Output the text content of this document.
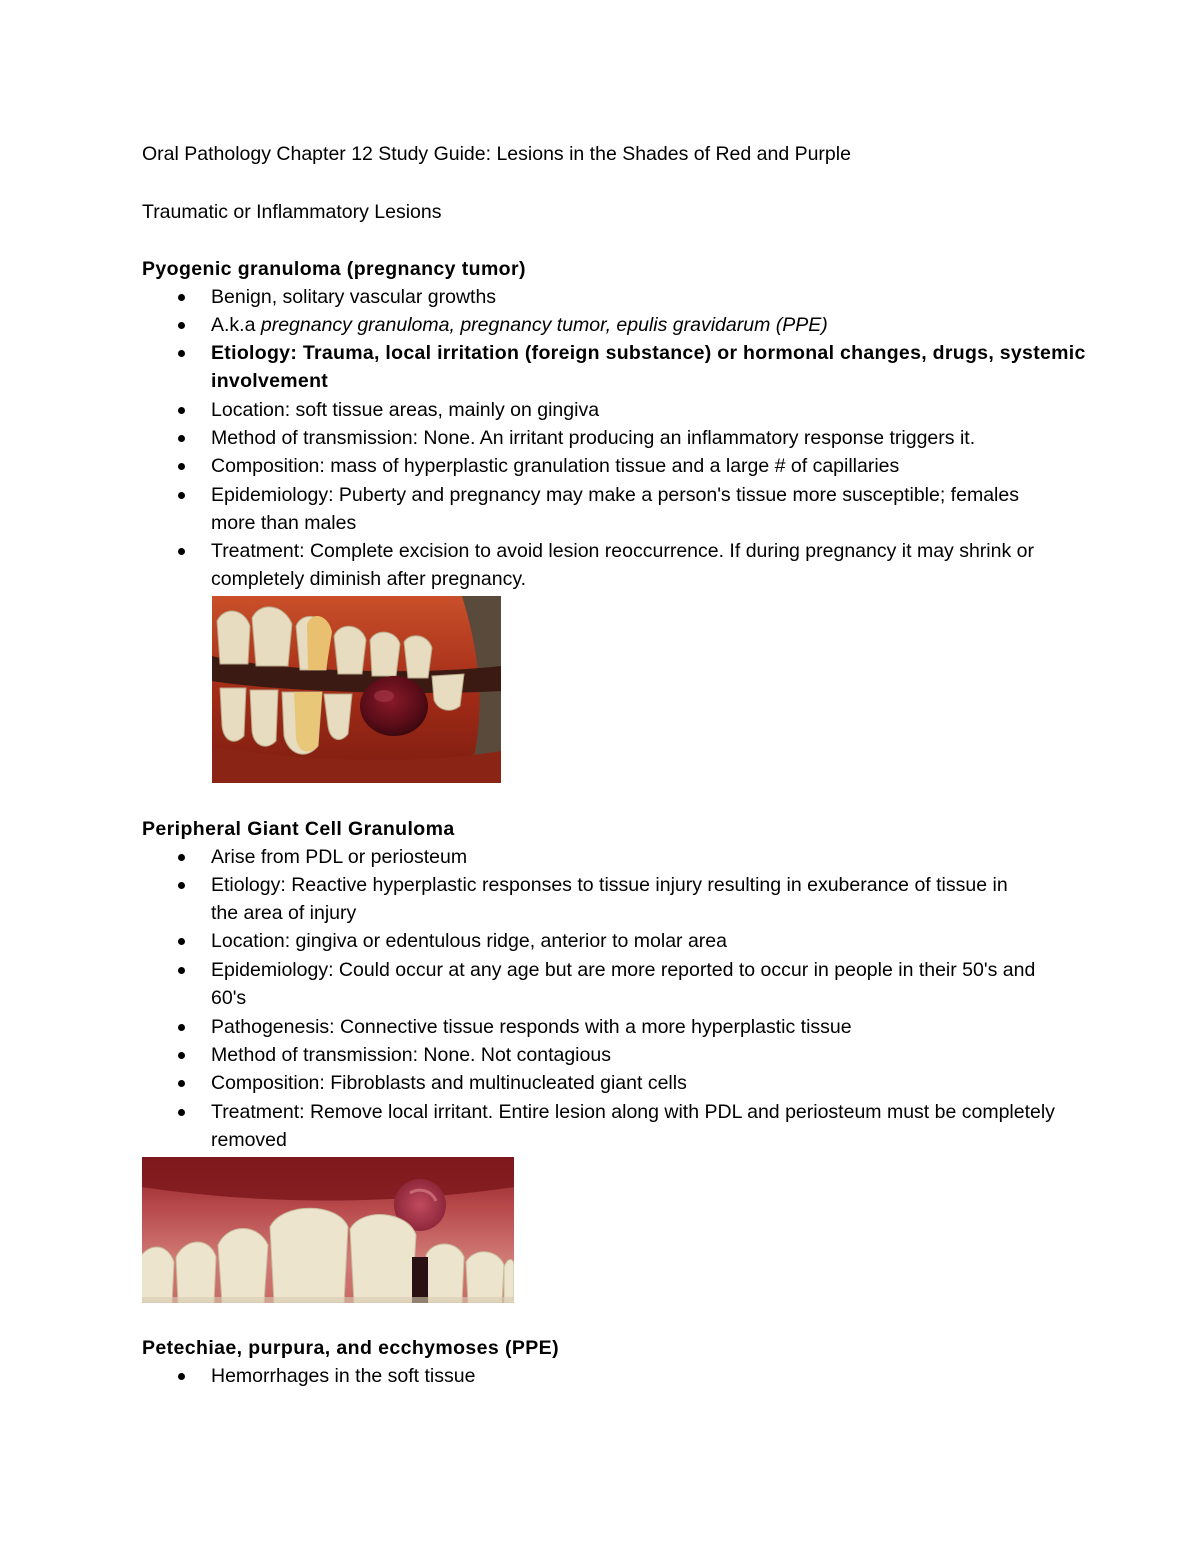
Oral Pathology Chapter 12 Study Guide: Lesions in the Shades of Red and Purple

Traumatic or Inflammatory Lesions

Pyogenic granuloma (pregnancy tumor)

Benign, solitary vascular growths
A.k.a pregnancy granuloma, pregnancy tumor, epulis gravidarum (PPE)
Etiology: Trauma, local irritation (foreign substance) or hormonal changes, drugs, systemic involvement
Location: soft tissue areas, mainly on gingiva
Method of transmission: None. An irritant producing an inflammatory response triggers it.
Composition: mass of hyperplastic granulation tissue and a large # of capillaries
Epidemiology: Puberty and pregnancy may make a person's tissue more susceptible; females more than males
Treatment: Complete excision to avoid lesion reoccurrence. If during pregnancy it may shrink or completely diminish after pregnancy.

Peripheral Giant Cell Granuloma

Arise from PDL or periosteum
Etiology: Reactive hyperplastic responses to tissue injury resulting in exuberance of tissue in the area of injury
Location: gingiva or edentulous ridge, anterior to molar area
Epidemiology: Could occur at any age but are more reported to occur in people in their 50's and 60's
Pathogenesis: Connective tissue responds with a more hyperplastic tissue
Method of transmission: None. Not contagious
Composition: Fibroblasts and multinucleated giant cells
Treatment: Remove local irritant. Entire lesion along with PDL and periosteum must be completely removed

Petechiae, purpura, and ecchymoses (PPE)

Hemorrhages in the soft tissue
